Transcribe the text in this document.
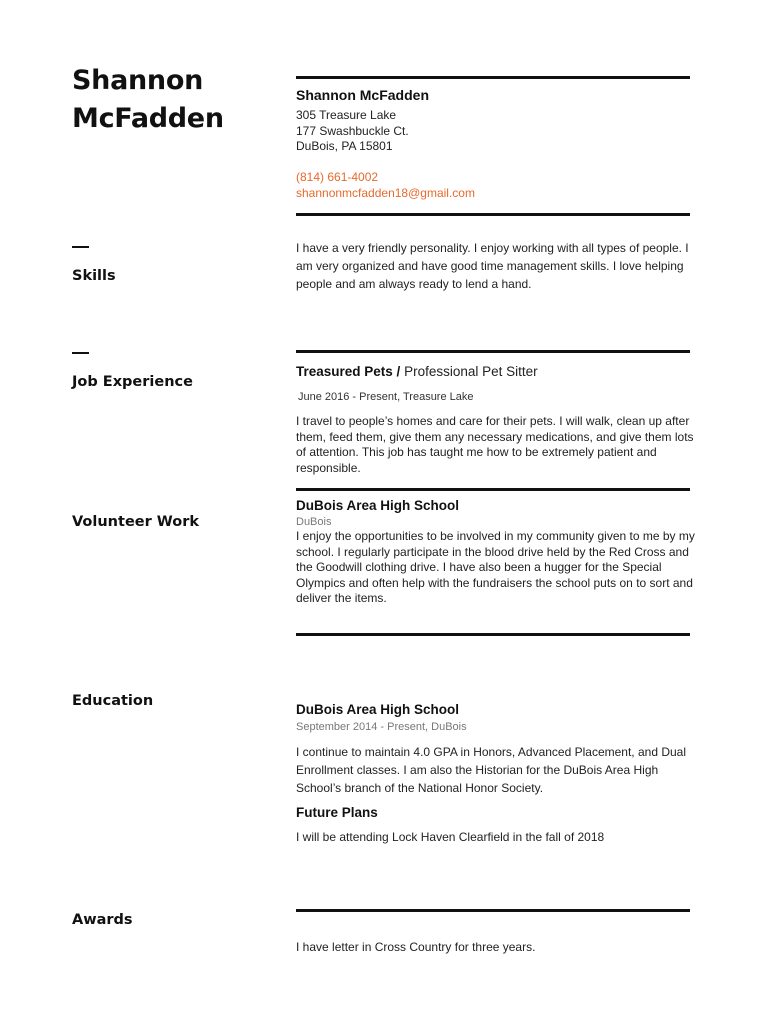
Shannon
McFadden
Shannon McFadden
305 Treasure Lake
177 Swashbuckle Ct.
DuBois, PA 15801
(814) 661-4002
shannonmcfadden18@gmail.com
Skills
I have a very friendly personality. I enjoy working with all types of people. I am very organized and have good time management skills. I love helping people and am always ready to lend a hand.
Job Experience
Treasured Pets / Professional Pet Sitter
June 2016 - Present, Treasure Lake
I travel to people’s homes and care for their pets. I will walk, clean up after them, feed them, give them any necessary medications, and give them lots of attention. This job has taught me how to be extremely patient and responsible.
Volunteer Work
DuBois Area High School
DuBois
I enjoy the opportunities to be involved in my community given to me by my school. I regularly participate in the blood drive held by the Red Cross and the Goodwill clothing drive. I have also been a hugger for the Special Olympics and often help with the fundraisers the school puts on to sort and deliver the items.
Education
DuBois Area High School
September 2014 - Present, DuBois
I continue to maintain 4.0 GPA in Honors, Advanced Placement, and Dual Enrollment classes. I am also the Historian for the DuBois Area High School’s branch of the National Honor Society.
Future Plans
I will be attending Lock Haven Clearfield in the fall of 2018
Awards
I have letter in Cross Country for three years.
